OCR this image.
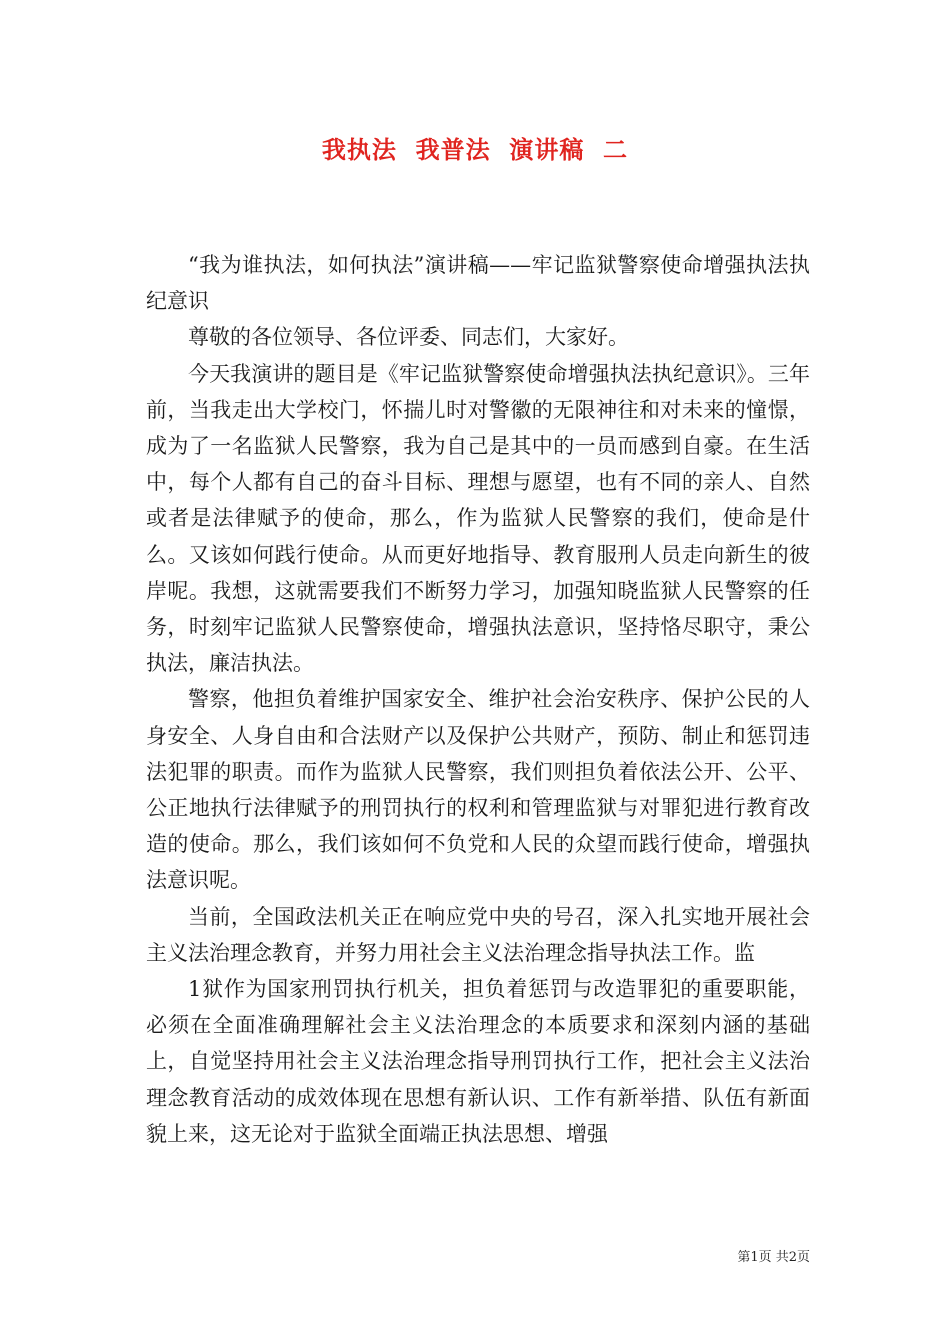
我执法  我普法  演讲稿  二

“我为谁执法，如何执法”演讲稿——牢记监狱警察使命增强执法执纪意识

尊敬的各位领导、各位评委、同志们，大家好。

今天我演讲的题目是《牢记监狱警察使命增强执法执纪意识》。三年前，当我走出大学校门，怀揣儿时对警徽的无限神往和对未来的憧憬，成为了一名监狱人民警察，我为自己是其中的一员而感到自豪。在生活中，每个人都有自己的奋斗目标、理想与愿望，也有不同的亲人、自然或者是法律赋予的使命，那么，作为监狱人民警察的我们，使命是什么。又该如何践行使命。从而更好地指导、教育服刑人员走向新生的彼岸呢。我想，这就需要我们不断努力学习，加强知晓监狱人民警察的任务，时刻牢记监狱人民警察使命，增强执法意识，坚持恪尽职守，秉公执法，廉洁执法。

警察，他担负着维护国家安全、维护社会治安秩序、保护公民的人身安全、人身自由和合法财产以及保护公共财产，预防、制止和惩罚违法犯罪的职责。而作为监狱人民警察，我们则担负着依法公开、公平、公正地执行法律赋予的刑罚执行的权利和管理监狱与对罪犯进行教育改造的使命。那么，我们该如何不负党和人民的众望而践行使命，增强执法意识呢。

当前，全国政法机关正在响应党中央的号召，深入扎实地开展社会主义法治理念教育，并努力用社会主义法治理念指导执法工作。监

1狱作为国家刑罚执行机关，担负着惩罚与改造罪犯的重要职能，必须在全面准确理解社会主义法治理念的本质要求和深刻内涵的基础上，自觉坚持用社会主义法治理念指导刑罚执行工作，把社会主义法治理念教育活动的成效体现在思想有新认识、工作有新举措、队伍有新面貌上来，这无论对于监狱全面端正执法思想、增强

第1页 共2页
